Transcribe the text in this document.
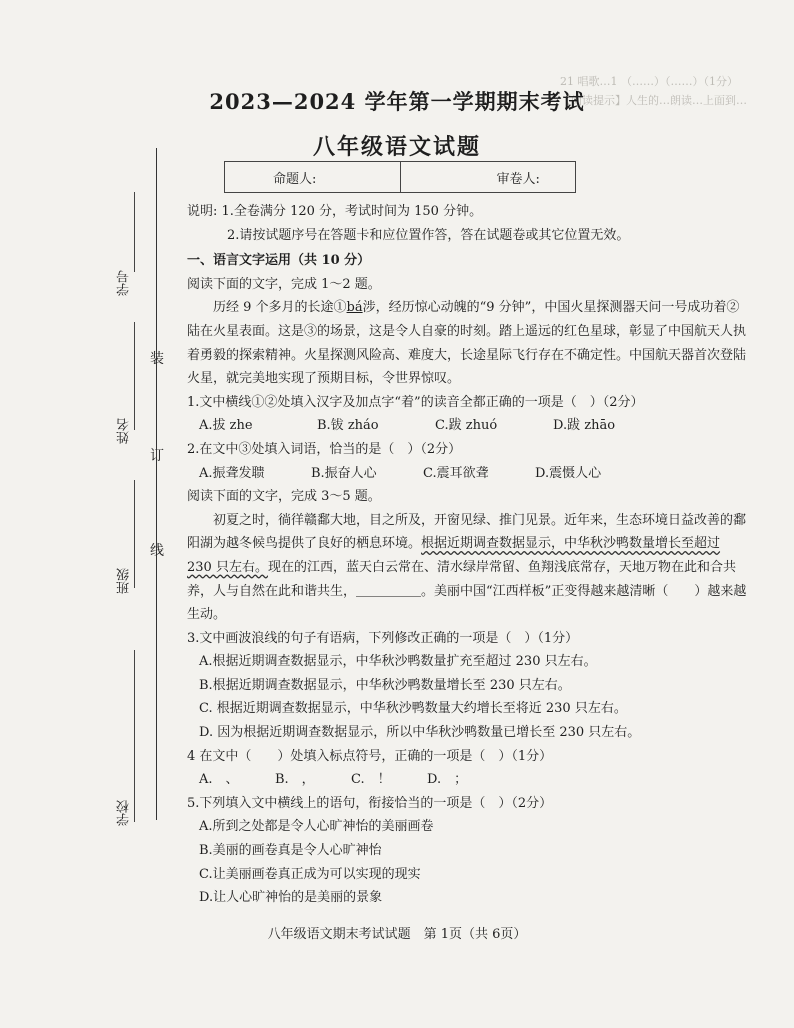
21 唱歌…1 （……）（……）（1分）
【阅读提示】人生的…朗读…上面到…
2023—2024 学年第一学期期末考试
八年级语文试题
命题人:	审卷人:
学号
姓名
班级
学校
装
订
线

说明: 1.全卷满分 120 分，考试时间为 150 分钟。

2.请按试题序号在答题卡和应位置作答，答在试题卷或其它位置无效。

一、语言文字运用（共 10 分）

阅读下面的文字，完成 1～2 题。

历经 9 个多月的长途①bá涉，经历惊心动魄的“9 分钟”，中国火星探测器天问一号成功着②陆在火星表面。这是③的场景，这是令人自豪的时刻。踏上遥远的红色星球，彰显了中国航天人执着勇毅的探索精神。火星探测风险高、难度大，长途星际飞行存在不确定性。中国航天器首次登陆火星，就完美地实现了预期目标，令世界惊叹。

1.文中横线①②处填入汉字及加点字“着”的读音全都正确的一项是（　）（2分）

A.拔 zhe	B.钹 zháo	C.跋 zhuó	D.跋 zhāo

2.在文中③处填入词语，恰当的是（　）（2分）

A.振聋发聩	B.振奋人心	C.震耳欲聋	D.震慑人心

阅读下面的文字，完成 3～5 题。

初夏之时，徜徉赣鄱大地，目之所及，开窗见绿、推门见景。近年来，生态环境日益改善的鄱阳湖为越冬候鸟提供了良好的栖息环境。根据近期调查数据显示，中华秋沙鸭数量增长至超过 230 只左右。现在的江西，蓝天白云常在、清水绿岸常留、鱼翔浅底常存，天地万物在此和合共养，人与自然在此和谐共生，＿＿＿＿＿。美丽中国“江西样板”正变得越来越清晰（　　）越来越生动。

3.文中画波浪线的句子有语病，下列修改正确的一项是（　）（1分）

A.根据近期调查数据显示，中华秋沙鸭数量扩充至超过 230 只左右。

B.根据近期调查数据显示，中华秋沙鸭数量增长至 230 只左右。

C. 根据近期调查数据显示，中华秋沙鸭数量大约增长至将近 230 只左右。

D. 因为根据近期调查数据显示，所以中华秋沙鸭数量已增长至 230 只左右。

4 在文中（　　）处填入标点符号，正确的一项是（　）（1分）

A.　、	B.　，	C.　！	D.　；

5.下列填入文中横线上的语句，衔接恰当的一项是（　）（2分）

A.所到之处都是令人心旷神怡的美丽画卷

B.美丽的画卷真是令人心旷神怡

C.让美丽画卷真正成为可以实现的现实

D.让人心旷神怡的是美丽的景象

八年级语文期末考试试题　第 1页（共 6页）
